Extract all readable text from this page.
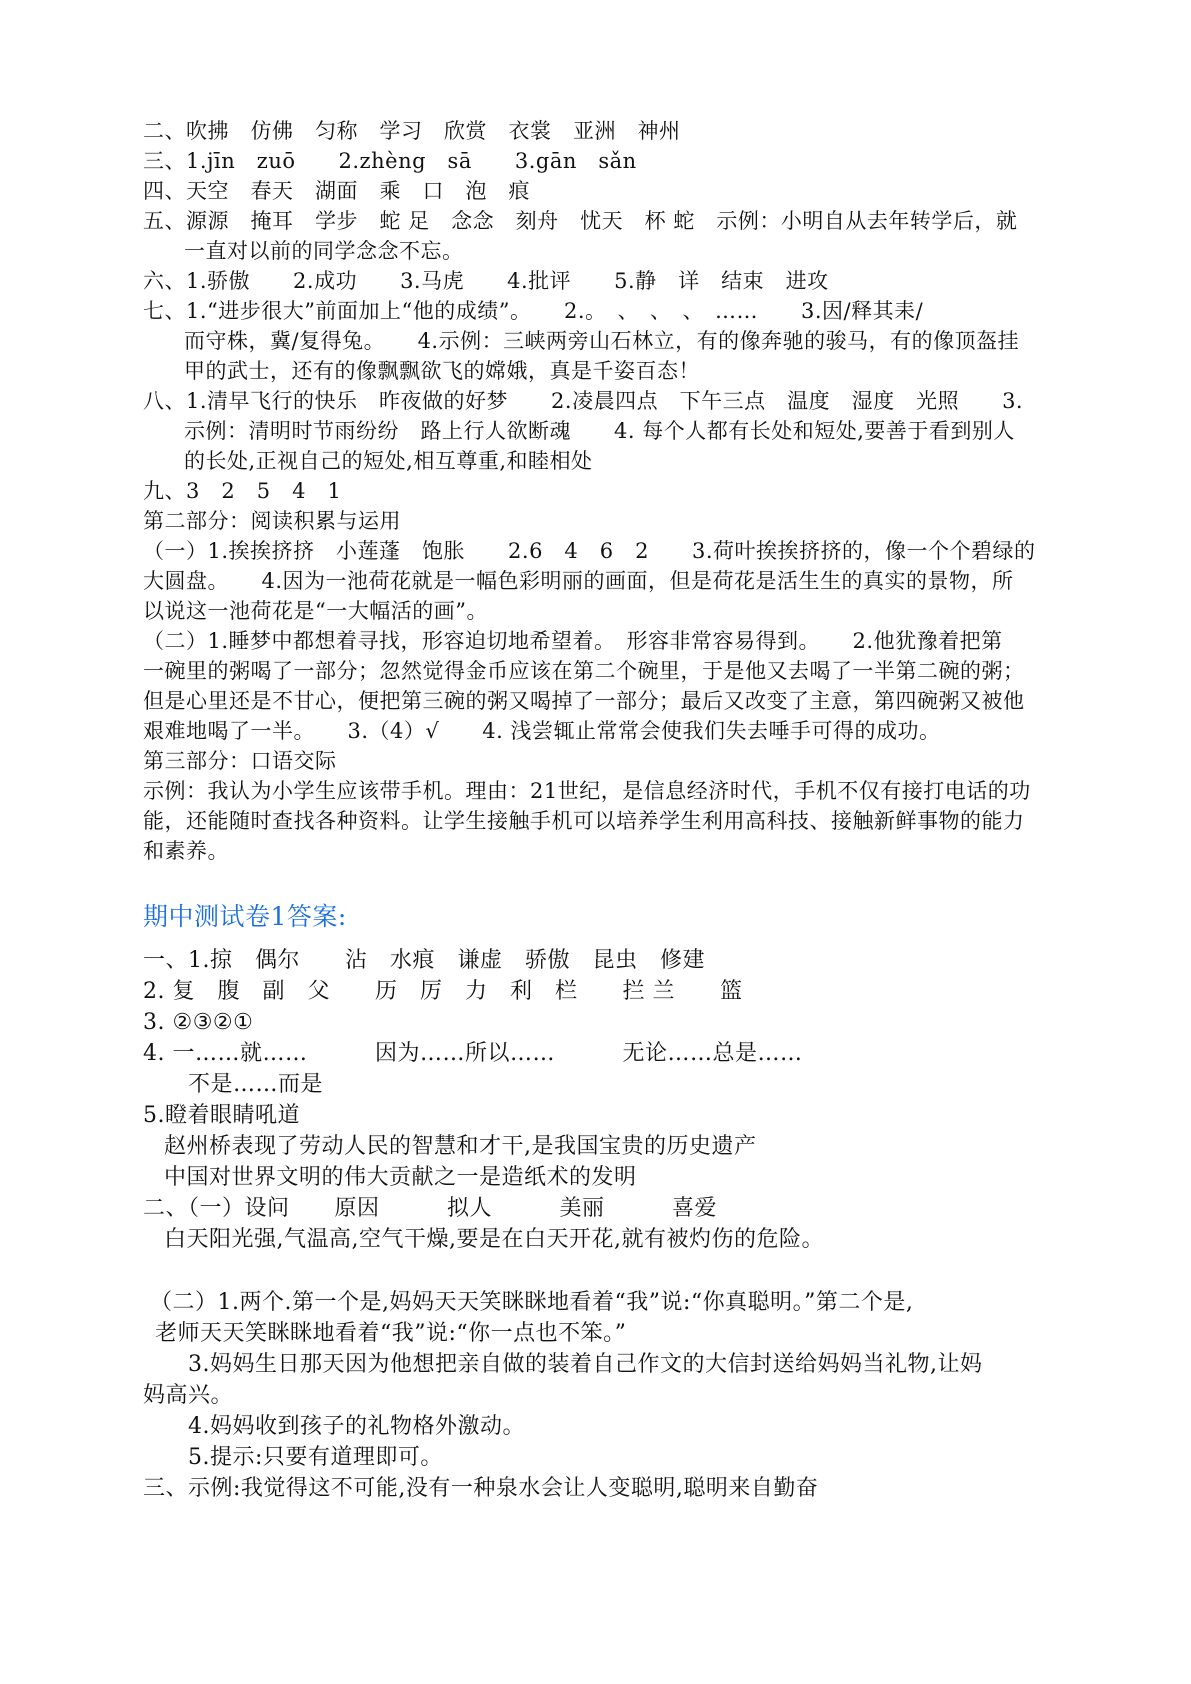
二、吹拂　仿佛　匀称　学习　欣赏　衣裳　亚洲　神州
三、1.jīn　zuō　　2.zhèng　sā　　3.gān　sǎn
四、天空　春天　湖面　乘　口　泡　痕
五、源源　掩耳　学步　蛇 足　念念　刻舟　忧天　杯 蛇　示例：小明自从去年转学后，就
一直对以前的同学念念不忘。
六、1.骄傲　　2.成功　　3.马虎　　4.批评　　5.静　详　结束　进攻
七、1.“进步很大”前面加上“他的成绩”。　　2.。　、　、　、　……　　3.因/释其耒/
而守株，冀/复得兔。　　4.示例：三峡两旁山石林立，有的像奔驰的骏马，有的像顶盔挂
甲的武士，还有的像飘飘欲飞的嫦娥，真是千姿百态！
八、1.清早飞行的快乐　昨夜做的好梦　　2.凌晨四点　下午三点　温度　湿度　光照　　3.
示例：清明时节雨纷纷　路上行人欲断魂　　4. 每个人都有长处和短处,要善于看到别人
的长处,正视自己的短处,相互尊重,和睦相处
九、3　2　5　4　1
第二部分：阅读积累与运用
（一）1.挨挨挤挤　小莲蓬　饱胀　　2.6　4　6　2　　3.荷叶挨挨挤挤的，像一个个碧绿的
大圆盘。　　4.因为一池荷花就是一幅色彩明丽的画面，但是荷花是活生生的真实的景物，所
以说这一池荷花是“一大幅活的画”。
（二）1.睡梦中都想着寻找，形容迫切地希望着。　形容非常容易得到。　　2.他犹豫着把第
一碗里的粥喝了一部分；忽然觉得金币应该在第二个碗里，于是他又去喝了一半第二碗的粥；
但是心里还是不甘心，便把第三碗的粥又喝掉了一部分；最后又改变了主意，第四碗粥又被他
艰难地喝了一半。　　3.（4）√　　4. 浅尝辄止常常会使我们失去唾手可得的成功。
第三部分：口语交际
示例：我认为小学生应该带手机。理由：21世纪，是信息经济时代，手机不仅有接打电话的功
能，还能随时查找各种资料。让学生接触手机可以培养学生利用高科技、接触新鲜事物的能力
和素养。
期中测试卷1答案:
一、1.掠　偶尔　　沾　水痕　谦虚　骄傲　昆虫　修建
2. 复　腹　副　父　　历　厉　力　利　栏　　拦 兰　　篮
3. ②③②①
4. 一……就……　　　因为……所以……　　　无论……总是……
不是……而是
5.瞪着眼睛吼道
赵州桥表现了劳动人民的智慧和才干,是我国宝贵的历史遗产
中国对世界文明的伟大贡献之一是造纸术的发明
二、（一）设问　　原因　　　拟人　　　美丽　　　喜爱
白天阳光强,气温高,空气干燥,要是在白天开花,就有被灼伤的危险。
（二）1.两个.第一个是,妈妈天天笑眯眯地看着“我”说:“你真聪明。”第二个是,
老师天天笑眯眯地看着“我”说:“你一点也不笨。”
3.妈妈生日那天因为他想把亲自做的装着自己作文的大信封送给妈妈当礼物,让妈
妈高兴。
4.妈妈收到孩子的礼物格外激动。
5.提示:只要有道理即可。
三、示例:我觉得这不可能,没有一种泉水会让人变聪明,聪明来自勤奋
